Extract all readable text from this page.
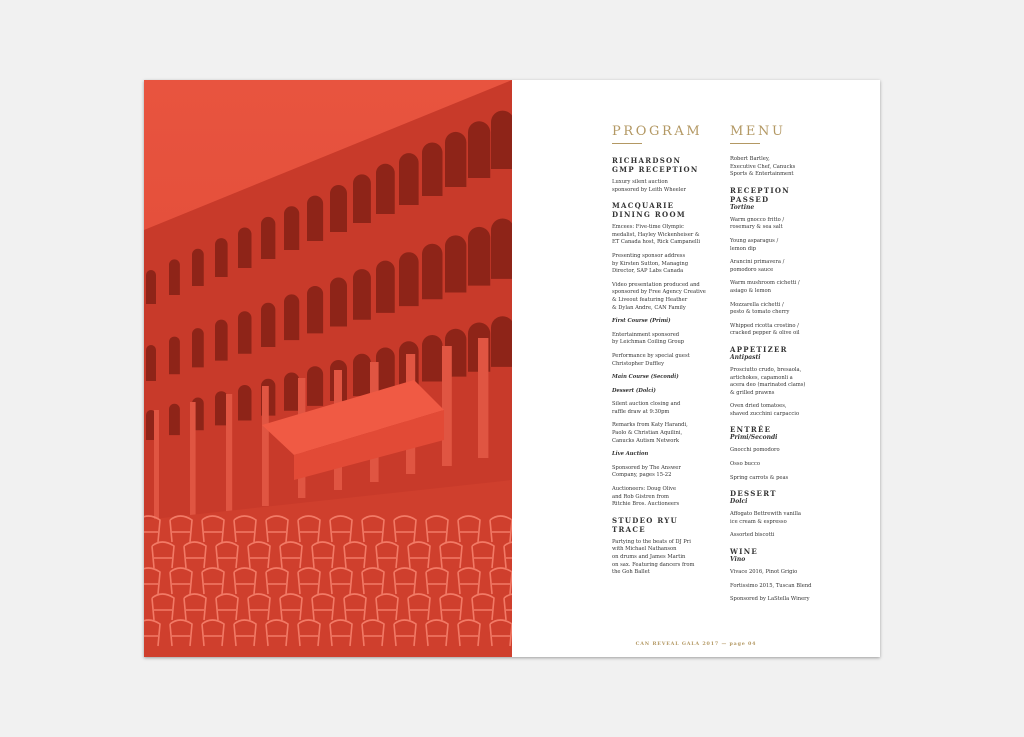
PROGRAM

RICHARDSON
GMP RECEPTION

Luxury silent auction
sponsored by Leith Wheeler

MACQUARIE
DINING ROOM

Emcees: Five-time Olympic
medalist, Hayley Wickenheiser &
ET Canada host, Rick Campanelli

Presenting sponsor address
by Kirsten Sutton, Managing
Director, SAP Labs Canada

Video presentation produced and
sponsored by Free Agency Creative
& Liveout featuring Heather
& Dylan Andre, CAN Family

First Course (Primi)

Entertainment sponsored
by Leichman Coiling Group

Performance by special guest
Christopher Duffley

Main Course (Secondi)

Dessert (Dolci)

Silent auction closing and
raffle draw at 9:30pm

Remarks from Katy Harandi,
Paolo & Christian Aquilini,
Canucks Autism Network

Live Auction

Sponsored by The Answer
Company, pages 15-22

Auctioneers: Doug Olive
and Rob Gistren from
Ritchie Bros. Auctioneers

STUDEO RYU TRACE

Partying to the beats of DJ Pri
with Michael Nathanson
on drums and James Martin
on sax. Featuring dancers from
the Goh Ballet

MENU

Robert Bartley,
Executive Chef, Canucks
Sports & Entertainment

RECEPTION
PASSED

Tortine

Warm gnocco fritto /
rosemary & sea salt

Young asparagus /
lemon dip

Arancini primavera /
pomodoro sauce

Warm mushroom cichetti /
asiago & lemon

Mozzarella cichetti /
pesto & tomato cherry

Whipped ricotta crostino /
cracked pepper & olive oil

APPETIZER

Antipasti

Prosciutto crudo, bresaola,
artichokes, capamonli a
acera deo (marinated clams)
& grilled prawns

Oven dried tomatoes,
shaved zucchini carpaccio

ENTRÉE

Primi/Secondi

Gnocchi pomodoro

Osso bucco

Spring carrots & peas

DESSERT

Dolci

Affogato Bettrewith vanilla
ice cream & espresso

Assorted biscotti

WINE

Vino

Vivace 2016, Pinot Grigio

Fortissimo 2015, Tuscan Blend

Sponsored by LaStella Winery

CAN REVEAL GALA 2017 — page 04
